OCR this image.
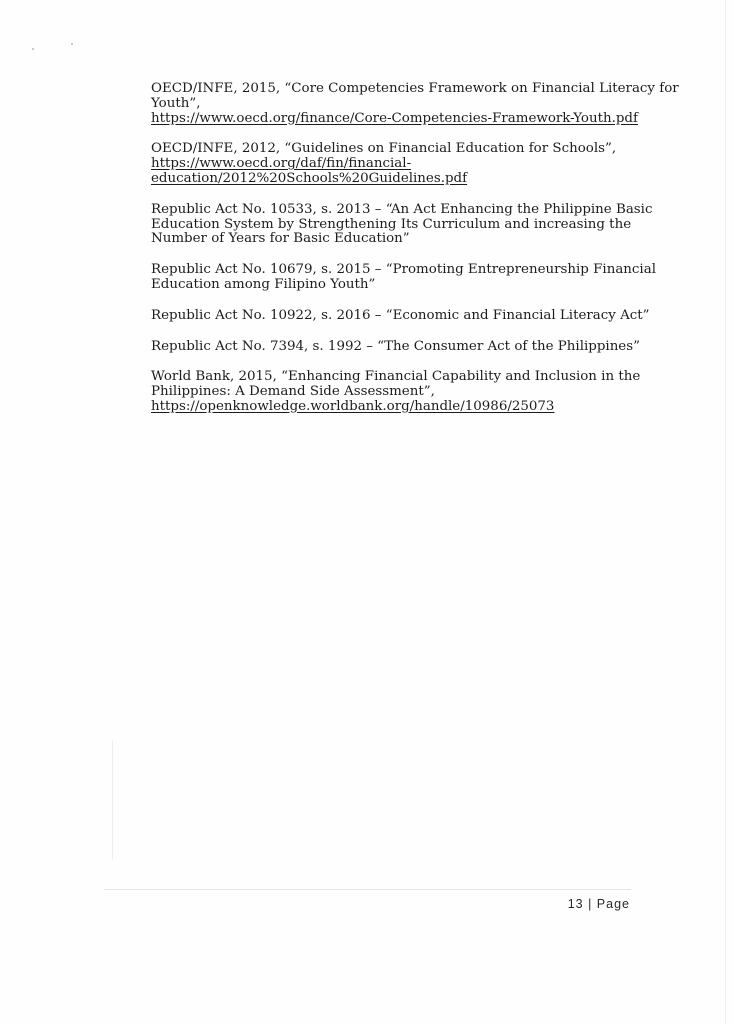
OECD/INFE, 2015, “Core Competencies Framework on Financial Literacy for
Youth”,
https://www.oecd.org/finance/Core-Competencies-Framework-Youth.pdf
OECD/INFE, 2012, “Guidelines on Financial Education for Schools”,
https://www.oecd.org/daf/fin/financial-
education/2012%20Schools%20Guidelines.pdf
Republic Act No. 10533, s. 2013 – “An Act Enhancing the Philippine Basic
Education System by Strengthening Its Curriculum and increasing the
Number of Years for Basic Education”
Republic Act No. 10679, s. 2015 – “Promoting Entrepreneurship Financial
Education among Filipino Youth”
Republic Act No. 10922, s. 2016 – “Economic and Financial Literacy Act”
Republic Act No. 7394, s. 1992 – “The Consumer Act of the Philippines”
World Bank, 2015, “Enhancing Financial Capability and Inclusion in the
Philippines: A Demand Side Assessment”,
https://openknowledge.worldbank.org/handle/10986/25073
13 | Page
